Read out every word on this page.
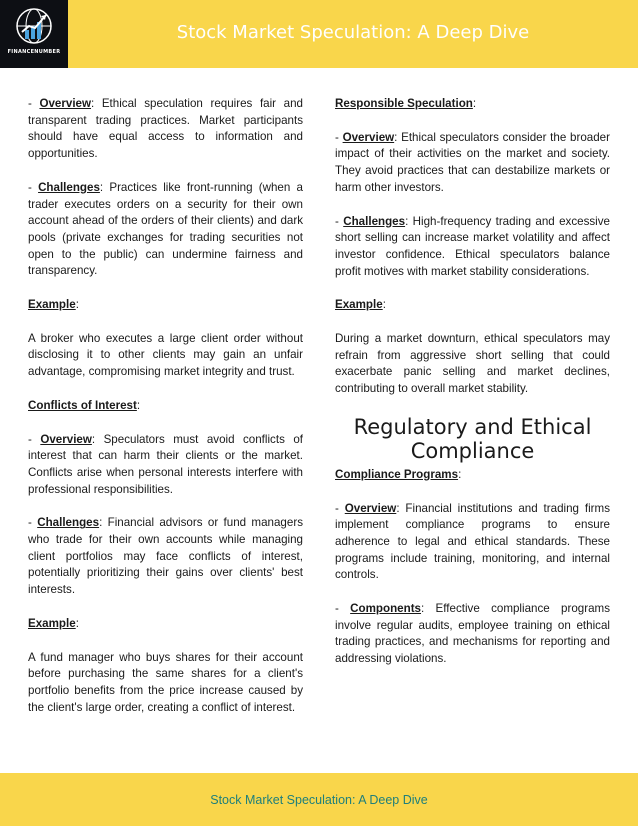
FINANCENUMBER
Stock Market Speculation: A Deep Dive

- Overview: Ethical speculation requires fair and transparent trading practices. Market participants should have equal access to information and opportunities.

- Challenges: Practices like front-running (when a trader executes orders on a security for their own account ahead of the orders of their clients) and dark pools (private exchanges for trading securities not open to the public) can undermine fairness and transparency.

Example:

A broker who executes a large client order without disclosing it to other clients may gain an unfair advantage, compromising market integrity and trust.

Conflicts of Interest:

- Overview: Speculators must avoid conflicts of interest that can harm their clients or the market. Conflicts arise when personal interests interfere with professional responsibilities.

- Challenges: Financial advisors or fund managers who trade for their own accounts while managing client portfolios may face conflicts of interest, potentially prioritizing their gains over clients' best interests.

Example:

A fund manager who buys shares for their account before purchasing the same shares for a client's portfolio benefits from the price increase caused by the client's large order, creating a conflict of interest.

Responsible Speculation:

- Overview: Ethical speculators consider the broader impact of their activities on the market and society. They avoid practices that can destabilize markets or harm other investors.

- Challenges: High-frequency trading and excessive short selling can increase market volatility and affect investor confidence. Ethical speculators balance profit motives with market stability considerations.

Example:

During a market downturn, ethical speculators may refrain from aggressive short selling that could exacerbate panic selling and market declines, contributing to overall market stability.

Regulatory and Ethical Compliance

Compliance Programs:

- Overview: Financial institutions and trading firms implement compliance programs to ensure adherence to legal and ethical standards. These programs include training, monitoring, and internal controls.

- Components: Effective compliance programs involve regular audits, employee training on ethical trading practices, and mechanisms for reporting and addressing violations.

Stock Market Speculation: A Deep Dive
